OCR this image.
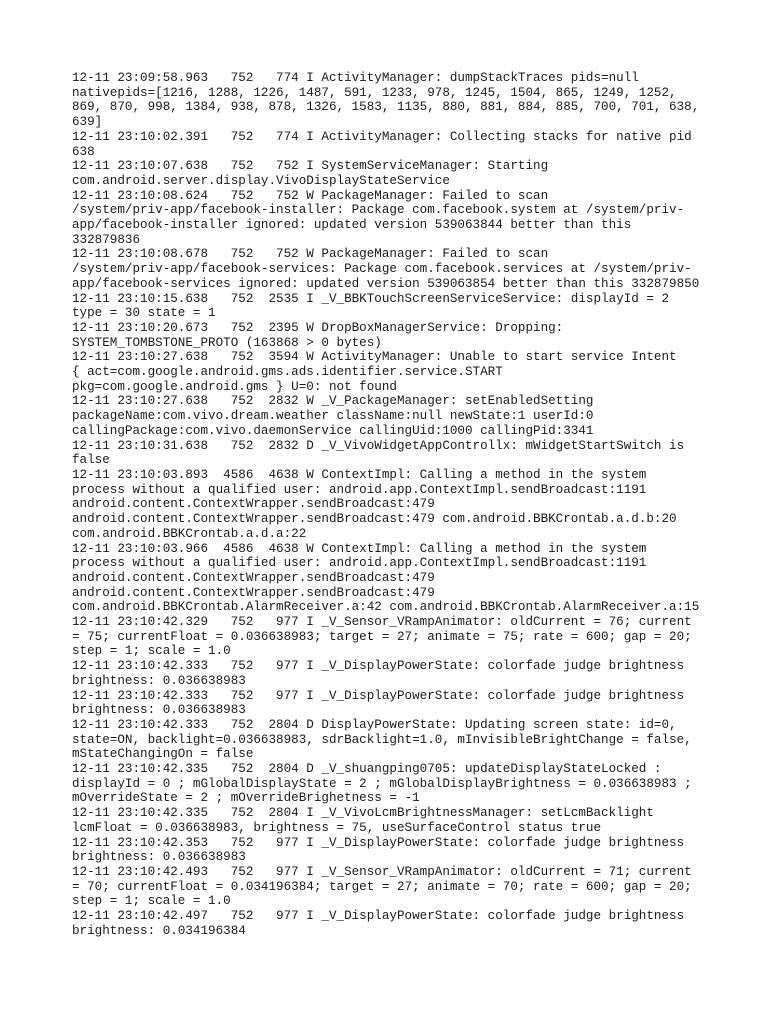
12-11 23:09:58.963   752   774 I ActivityManager: dumpStackTraces pids=null
nativepids=[1216, 1288, 1226, 1487, 591, 1233, 978, 1245, 1504, 865, 1249, 1252,
869, 870, 998, 1384, 938, 878, 1326, 1583, 1135, 880, 881, 884, 885, 700, 701, 638,
639]
12-11 23:10:02.391   752   774 I ActivityManager: Collecting stacks for native pid
638
12-11 23:10:07.638   752   752 I SystemServiceManager: Starting
com.android.server.display.VivoDisplayStateService
12-11 23:10:08.624   752   752 W PackageManager: Failed to scan
/system/priv-app/facebook-installer: Package com.facebook.system at /system/priv-
app/facebook-installer ignored: updated version 539063844 better than this
332879836
12-11 23:10:08.678   752   752 W PackageManager: Failed to scan
/system/priv-app/facebook-services: Package com.facebook.services at /system/priv-
app/facebook-services ignored: updated version 539063854 better than this 332879850
12-11 23:10:15.638   752  2535 I _V_BBKTouchScreenServiceService: displayId = 2
type = 30 state = 1
12-11 23:10:20.673   752  2395 W DropBoxManagerService: Dropping:
SYSTEM_TOMBSTONE_PROTO (163868 > 0 bytes)
12-11 23:10:27.638   752  3594 W ActivityManager: Unable to start service Intent
{ act=com.google.android.gms.ads.identifier.service.START
pkg=com.google.android.gms } U=0: not found
12-11 23:10:27.638   752  2832 W _V_PackageManager: setEnabledSetting
packageName:com.vivo.dream.weather className:null newState:1 userId:0
callingPackage:com.vivo.daemonService callingUid:1000 callingPid:3341
12-11 23:10:31.638   752  2832 D _V_VivoWidgetAppControllx: mWidgetStartSwitch is
false
12-11 23:10:03.893  4586  4638 W ContextImpl: Calling a method in the system
process without a qualified user: android.app.ContextImpl.sendBroadcast:1191
android.content.ContextWrapper.sendBroadcast:479
android.content.ContextWrapper.sendBroadcast:479 com.android.BBKCrontab.a.d.b:20
com.android.BBKCrontab.a.d.a:22
12-11 23:10:03.966  4586  4638 W ContextImpl: Calling a method in the system
process without a qualified user: android.app.ContextImpl.sendBroadcast:1191
android.content.ContextWrapper.sendBroadcast:479
android.content.ContextWrapper.sendBroadcast:479
com.android.BBKCrontab.AlarmReceiver.a:42 com.android.BBKCrontab.AlarmReceiver.a:15
12-11 23:10:42.329   752   977 I _V_Sensor_VRampAnimator: oldCurrent = 76; current
= 75; currentFloat = 0.036638983; target = 27; animate = 75; rate = 600; gap = 20;
step = 1; scale = 1.0
12-11 23:10:42.333   752   977 I _V_DisplayPowerState: colorfade judge brightness
brightness: 0.036638983
12-11 23:10:42.333   752   977 I _V_DisplayPowerState: colorfade judge brightness
brightness: 0.036638983
12-11 23:10:42.333   752  2804 D DisplayPowerState: Updating screen state: id=0,
state=ON, backlight=0.036638983, sdrBacklight=1.0, mInvisibleBrightChange = false,
mStateChangingOn = false
12-11 23:10:42.335   752  2804 D _V_shuangping0705: updateDisplayStateLocked :
displayId = 0 ; mGlobalDisplayState = 2 ; mGlobalDisplayBrightness = 0.036638983 ;
mOverrideState = 2 ; mOverrideBrighetness = -1
12-11 23:10:42.335   752  2804 I _V_VivoLcmBrightnessManager: setLcmBacklight
lcmFloat = 0.036638983, brightness = 75, useSurfaceControl status true
12-11 23:10:42.353   752   977 I _V_DisplayPowerState: colorfade judge brightness
brightness: 0.036638983
12-11 23:10:42.493   752   977 I _V_Sensor_VRampAnimator: oldCurrent = 71; current
= 70; currentFloat = 0.034196384; target = 27; animate = 70; rate = 600; gap = 20;
step = 1; scale = 1.0
12-11 23:10:42.497   752   977 I _V_DisplayPowerState: colorfade judge brightness
brightness: 0.034196384
